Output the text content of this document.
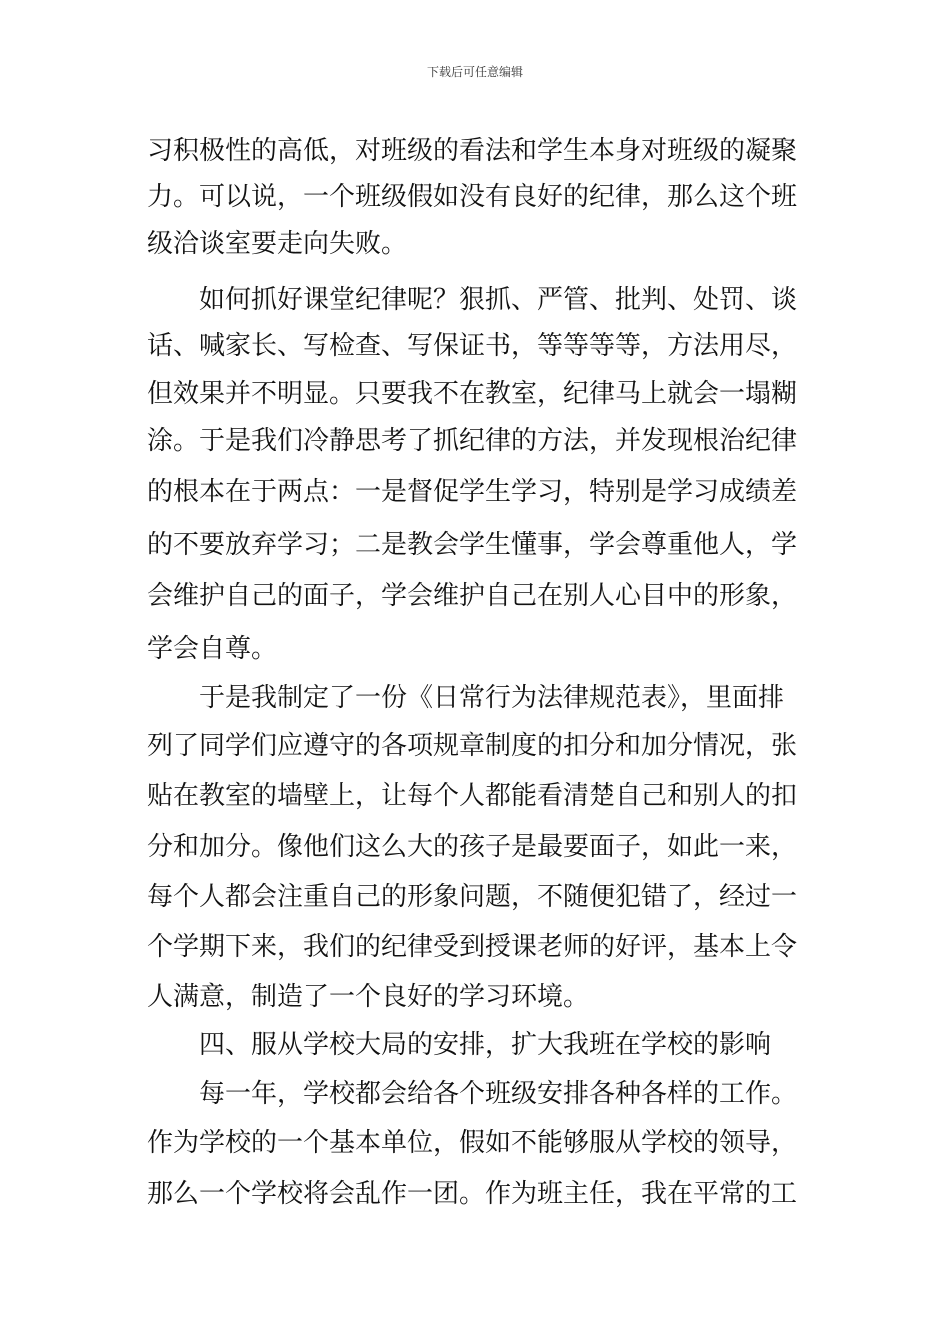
下载后可任意编辑
习积极性的高低，对班级的看法和学生本身对班级的凝聚
力。可以说，一个班级假如没有良好的纪律，那么这个班
级洽谈室要走向失败。
如何抓好课堂纪律呢？狠抓、严管、批判、处罚、谈
话、喊家长、写检查、写保证书，等等等等，方法用尽，
但效果并不明显。只要我不在教室，纪律马上就会一塌糊
涂。于是我们冷静思考了抓纪律的方法，并发现根治纪律
的根本在于两点：一是督促学生学习，特别是学习成绩差
的不要放弃学习；二是教会学生懂事，学会尊重他人，学
会维护自己的面子，学会维护自己在别人心目中的形象，
学会自尊。
于是我制定了一份《日常行为法律规范表》，里面排
列了同学们应遵守的各项规章制度的扣分和加分情况，张
贴在教室的墙壁上，让每个人都能看清楚自己和别人的扣
分和加分。像他们这么大的孩子是最要面子，如此一来，
每个人都会注重自己的形象问题，不随便犯错了，经过一
个学期下来，我们的纪律受到授课老师的好评，基本上令
人满意，制造了一个良好的学习环境。
四、服从学校大局的安排，扩大我班在学校的影响
每一年，学校都会给各个班级安排各种各样的工作。
作为学校的一个基本单位，假如不能够服从学校的领导，
那么一个学校将会乱作一团。作为班主任，我在平常的工
